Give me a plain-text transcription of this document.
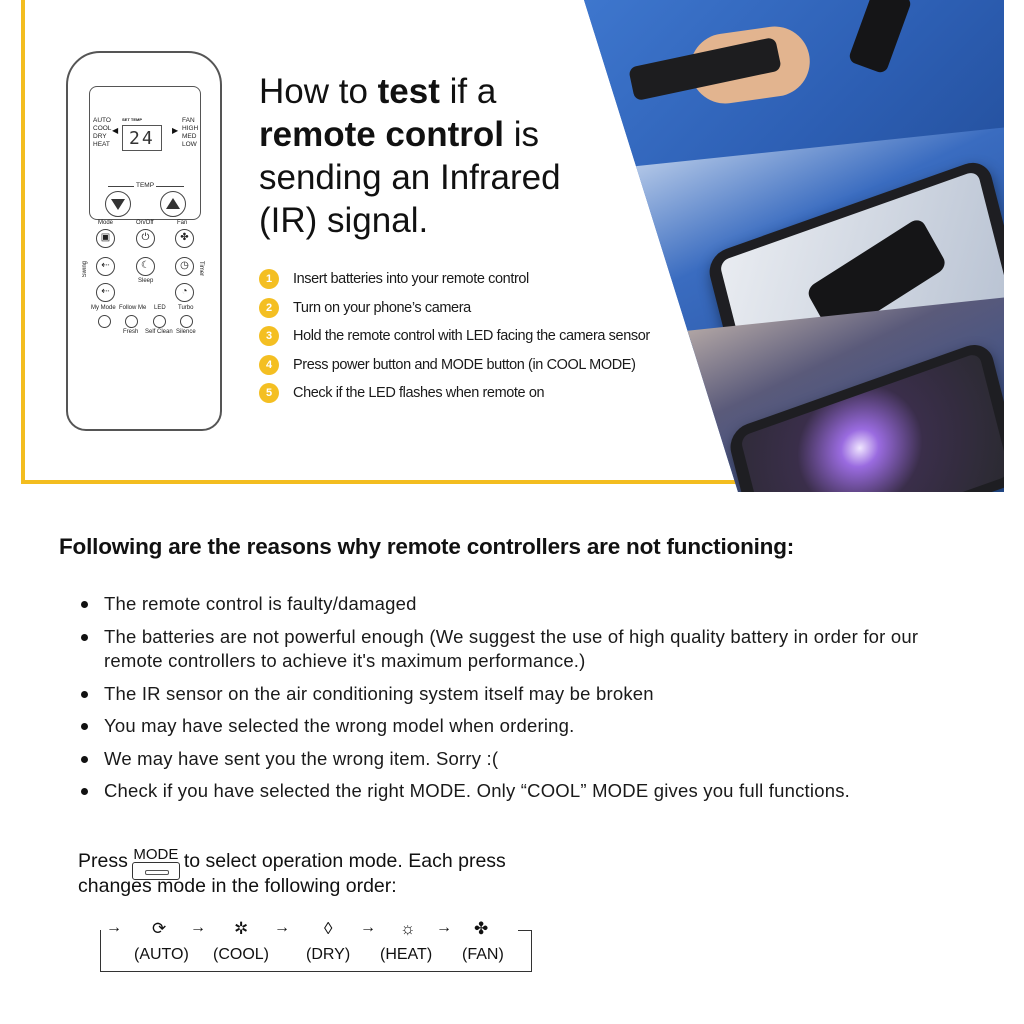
AUTO
COOL
DRY
HEAT
FAN
HIGH
MED
LOW
◀	▶
SET TEMP
24
TEMP
Mode	On/Off	Fan
▣	⏻	✤
Swing	⇠	☾
Sleep
◷	Timer
⇠	◔
My Mode Follow Me LED Turbo
Fresh Self Clean Silence
How to test if a
remote control is
sending an Infrared
(IR) signal.
1	Insert batteries into your remote control
2	Turn on your phone’s camera
3	Hold the remote control with LED facing the camera sensor
4	Press power button and MODE button (in COOL MODE)
5	Check if the LED flashes when remote on
Following are the reasons why remote controllers are not functioning:
The remote control is faulty/damaged
The batteries are not powerful enough (We suggest the use of high quality battery in order for our remote controllers to achieve it's maximum performance.)
The IR sensor on the air conditioning system itself may be broken
You may have selected the wrong model when ordering.
We may have sent you the wrong item. Sorry :(
Check if you have selected the right MODE. Only “COOL” MODE gives you full functions.
Press MODE to select operation mode. Each press
changes mode in the following order:
→ ⟳
(AUTO)
→ ✲
(COOL)
→ ◊
(DRY)
→ ☼
(HEAT)
→ ✤
(FAN)
